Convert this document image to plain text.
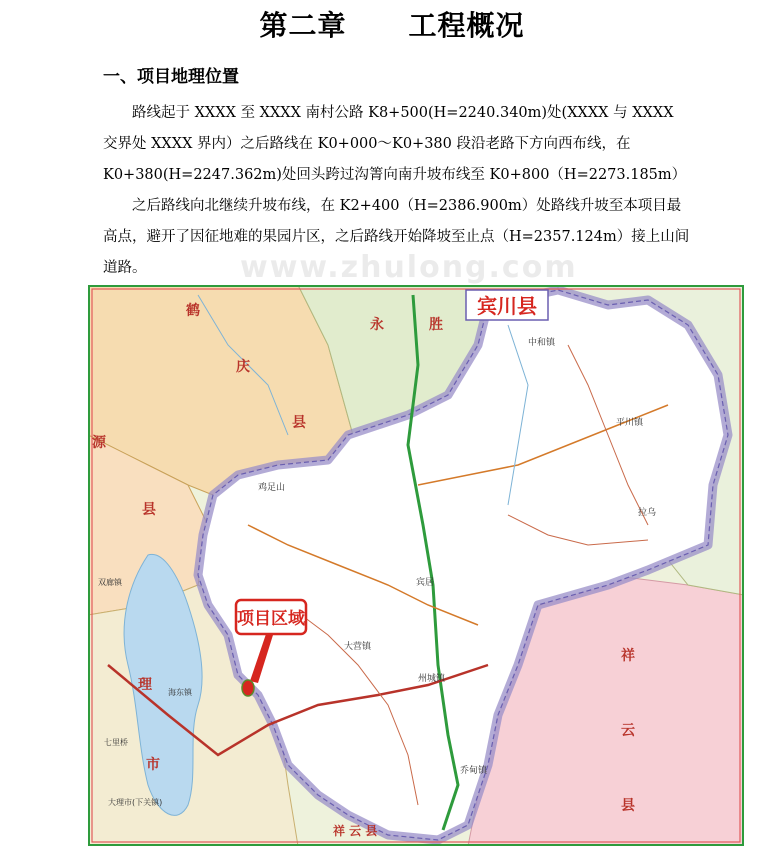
第二章 工程概况
一、项目地理位置
路线起于 XXXX 至 XXXX 南村公路 K8+500(H=2240.340m)处(XXXX 与 XXXX 交界处 XXXX 界内）之后路线在 K0+000～K0+380 段沿老路下方向西布线，在 K0+380(H=2247.362m)处回头跨过沟箐向南升坡布线至 K0+800（H=2273.185m）
之后路线向北继续升坡布线，在 K2+400（H=2386.900m）处路线升坡至本项目最高点，避开了因征地难的果园片区，之后路线开始降坡至止点（H=2357.124m）接上山间道路。	www.zhulong.com
宾川县
鹤
庆
县
永	胜
源
县
理
市
祥
云
县
祥 云 县
宾居
平川镇
拉乌
大营镇
州城镇
乔甸镇
鸡足山
大理市(下关镇)
双廊镇
海东镇
七里桥
中和镇
项目区域
